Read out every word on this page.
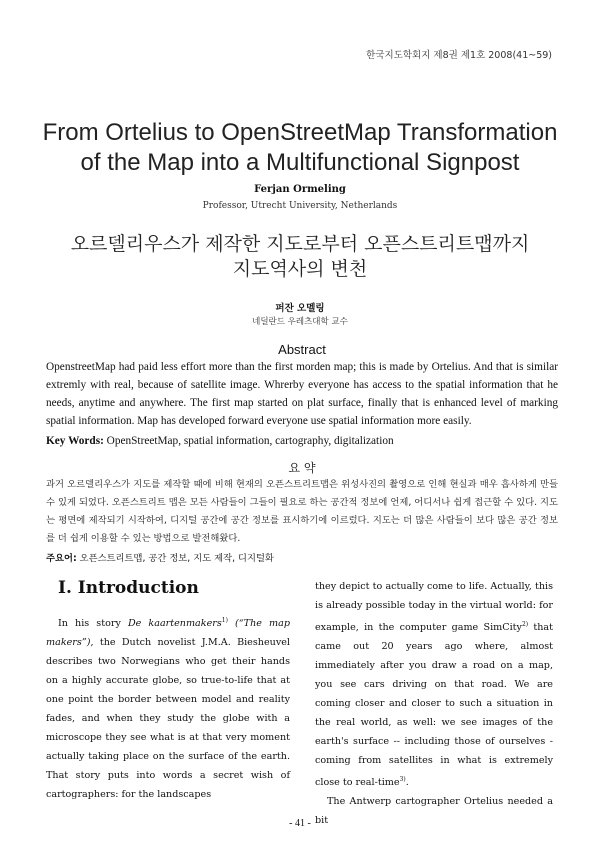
한국지도학회지 제8권 제1호 2008(41~59)
From Ortelius to OpenStreetMap Transformation
of the Map into a Multifunctional Signpost
Ferjan Ormeling
Professor, Utrecht University, Netherlands
오르델리우스가 제작한 지도로부터 오픈스트리트맵까지
지도역사의 변천
퍼잔 오멜링
네덜란드 우레츠대학 교수
Abstract
OpenstreetMap had paid less effort more than the first morden map; this is made by Ortelius. And that is similar extremly with real, because of satellite image. Whrerby everyone has access to the spatial information that he needs, anytime and anywhere. The first map started on plat surface, finally that is enhanced level of marking spatial information. Map has developed forward everyone use spatial information more easily.
Key Words: OpenStreetMap, spatial information, cartography, digitalization
요 약
과거 오르델리우스가 지도를 제작할 때에 비해 현재의 오픈스트리트맵은 위성사진의 촬영으로 인해 현실과 매우 흡사하게 만들 수 있게 되었다. 오픈스트리트 맵은 모든 사람들이 그들이 필요로 하는 공간적 정보에 언제, 어디서나 쉽게 접근할 수 있다. 지도는 평면에 제작되기 시작하여, 디지털 공간에 공간 정보를 표시하기에 이르렀다. 지도는 더 많은 사람들이 보다 많은 공간 정보를 더 쉽게 이용할 수 있는 방법으로 발전해왔다.
주요어: 오픈스트리트맵, 공간 정보, 지도 제작, 디지털화
I. Introduction

In his story De kaartenmakers$^{1)}$ (“The map makers”), the Dutch novelist J.M.A. Biesheuvel describes two Norwegians who get their hands on a highly accurate globe, so true-to-life that at one point the border between model and reality fades, and when they study the globe with a microscope they see what is at that very moment actually taking place on the surface of the earth. That story puts into words a secret wish of cartographers: for the landscapes

they depict to actually come to life. Actually, this is already possible today in the virtual world: for example, in the computer game SimCity$^{2)}$ that came out 20 years ago where, almost immediately after you draw a road on a map, you see cars driving on that road. We are coming closer and closer to such a situation in the real world, as well: we see images of the earth's surface -- including those of ourselves - coming from satellites in what is extremely close to real-time$^{3)}$.

The Antwerp cartographer Ortelius needed a bit

- 41 -
